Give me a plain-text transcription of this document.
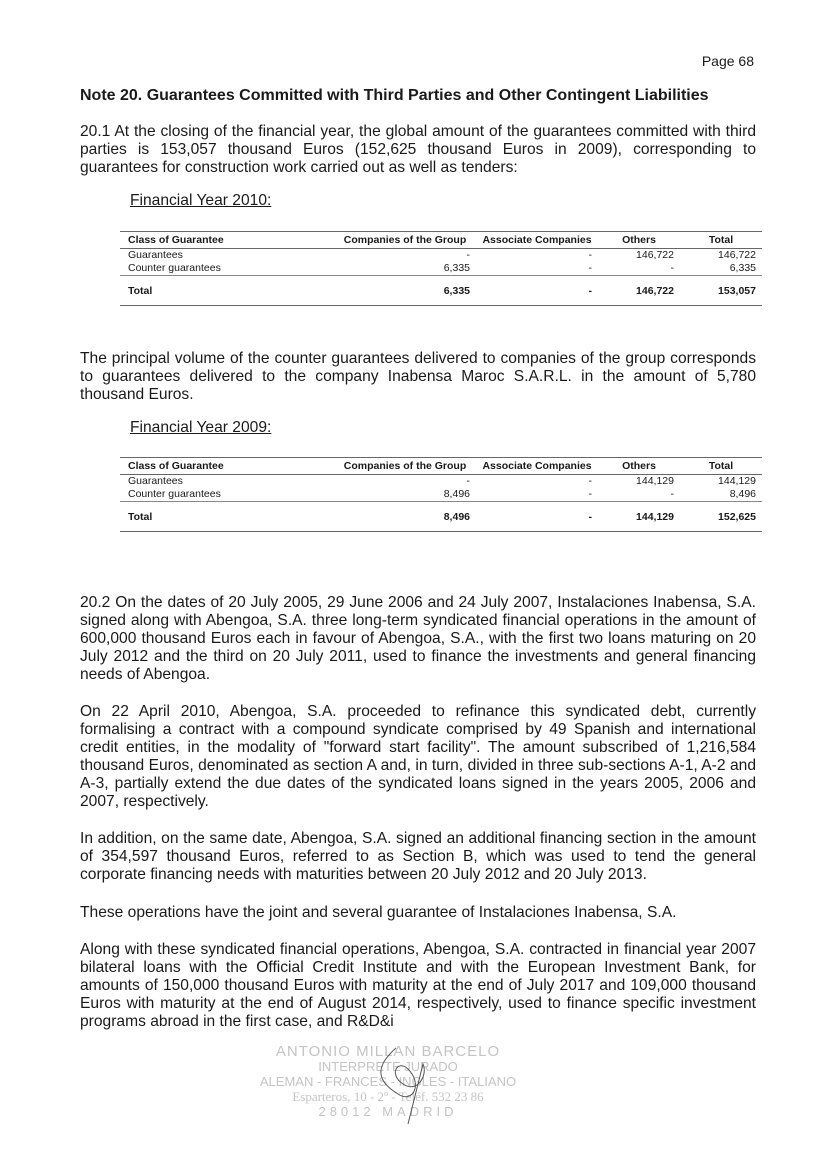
Page 68
Note 20. Guarantees Committed with Third Parties and Other Contingent Liabilities

20.1 At the closing of the financial year, the global amount of the guarantees committed with third parties is 153,057 thousand Euros (152,625 thousand Euros in 2009), corresponding to guarantees for construction work carried out as well as tenders:

Financial Year 2010:
Class of Guarantee	Companies of the Group	Associate Companies	Others	Total
Guarantees	-	-	146,722	146,722
Counter guarantees	6,335	-	-	6,335
Total	6,335	-	146,722	153,057

The principal volume of the counter guarantees delivered to companies of the group corresponds to guarantees delivered to the company Inabensa Maroc S.A.R.L. in the amount of 5,780 thousand Euros.

Financial Year 2009:
Class of Guarantee	Companies of the Group	Associate Companies	Others	Total
Guarantees	-	-	144,129	144,129
Counter guarantees	8,496	-	-	8,496
Total	8,496	-	144,129	152,625

20.2 On the dates of 20 July 2005, 29 June 2006 and 24 July 2007, Instalaciones Inabensa, S.A. signed along with Abengoa, S.A. three long-term syndicated financial operations in the amount of 600,000 thousand Euros each in favour of Abengoa, S.A., with the first two loans maturing on 20 July 2012 and the third on 20 July 2011, used to finance the investments and general financing needs of Abengoa.

On 22 April 2010, Abengoa, S.A. proceeded to refinance this syndicated debt, currently formalising a contract with a compound syndicate comprised by 49 Spanish and international credit entities, in the modality of "forward start facility". The amount subscribed of 1,216,584 thousand Euros, denominated as section A and, in turn, divided in three sub-sections A-1, A-2 and A-3, partially extend the due dates of the syndicated loans signed in the years 2005, 2006 and 2007, respectively.

In addition, on the same date, Abengoa, S.A. signed an additional financing section in the amount of 354,597 thousand Euros, referred to as Section B, which was used to tend the general corporate financing needs with maturities between 20 July 2012 and 20 July 2013.

These operations have the joint and several guarantee of Instalaciones Inabensa, S.A.

Along with these syndicated financial operations, Abengoa, S.A. contracted in financial year 2007 bilateral loans with the Official Credit Institute and with the European Investment Bank, for amounts of 150,000 thousand Euros with maturity at the end of July 2017 and 109,000 thousand Euros with maturity at the end of August 2014, respectively, used to finance specific investment programs abroad in the first case, and R&D&i

ANTONIO MILLAN BARCELO
INTERPRETE JURADO
ALEMAN - FRANCES - INGLES - ITALIANO
Esparteros, 10 - 2º - Teléf. 532 23 86
28012 MADRID
